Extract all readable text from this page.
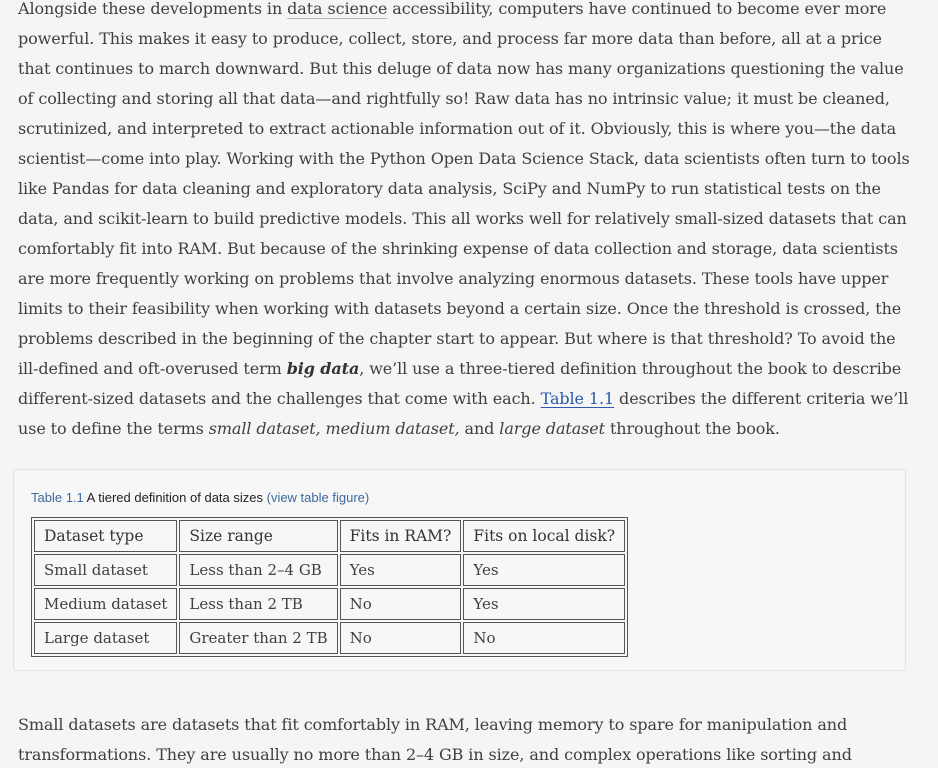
Alongside these developments in data science accessibility, computers have continued to become ever more powerful. This makes it easy to produce, collect, store, and process far more data than before, all at a price that continues to march downward. But this deluge of data now has many organizations questioning the value of collecting and storing all that data—and rightfully so! Raw data has no intrinsic value; it must be cleaned, scrutinized, and interpreted to extract actionable information out of it. Obviously, this is where you—the data scientist—come into play. Working with the Python Open Data Science Stack, data scientists often turn to tools like Pandas for data cleaning and exploratory data analysis, SciPy and NumPy to run statistical tests on the data, and scikit-learn to build predictive models. This all works well for relatively small-sized datasets that can comfortably fit into RAM. But because of the shrinking expense of data collection and storage, data scientists are more frequently working on problems that involve analyzing enormous datasets. These tools have upper limits to their feasibility when working with datasets beyond a certain size. Once the threshold is crossed, the problems described in the beginning of the chapter start to appear. But where is that threshold? To avoid the ill-defined and oft-overused term big data, we’ll use a three-tiered definition throughout the book to describe different-sized datasets and the challenges that come with each. Table 1.1 describes the different criteria we’ll use to define the terms small dataset, medium dataset, and large dataset throughout the book.

Table 1.1 A tiered definition of data sizes (view table figure)
Dataset type	Size range	Fits in RAM?	Fits on local disk?
Small dataset	Less than 2–4 GB	Yes	Yes
Medium dataset	Less than 2 TB	No	Yes
Large dataset	Greater than 2 TB	No	No

Small datasets are datasets that fit comfortably in RAM, leaving memory to spare for manipulation and transformations. They are usually no more than 2–4 GB in size, and complex operations like sorting and
